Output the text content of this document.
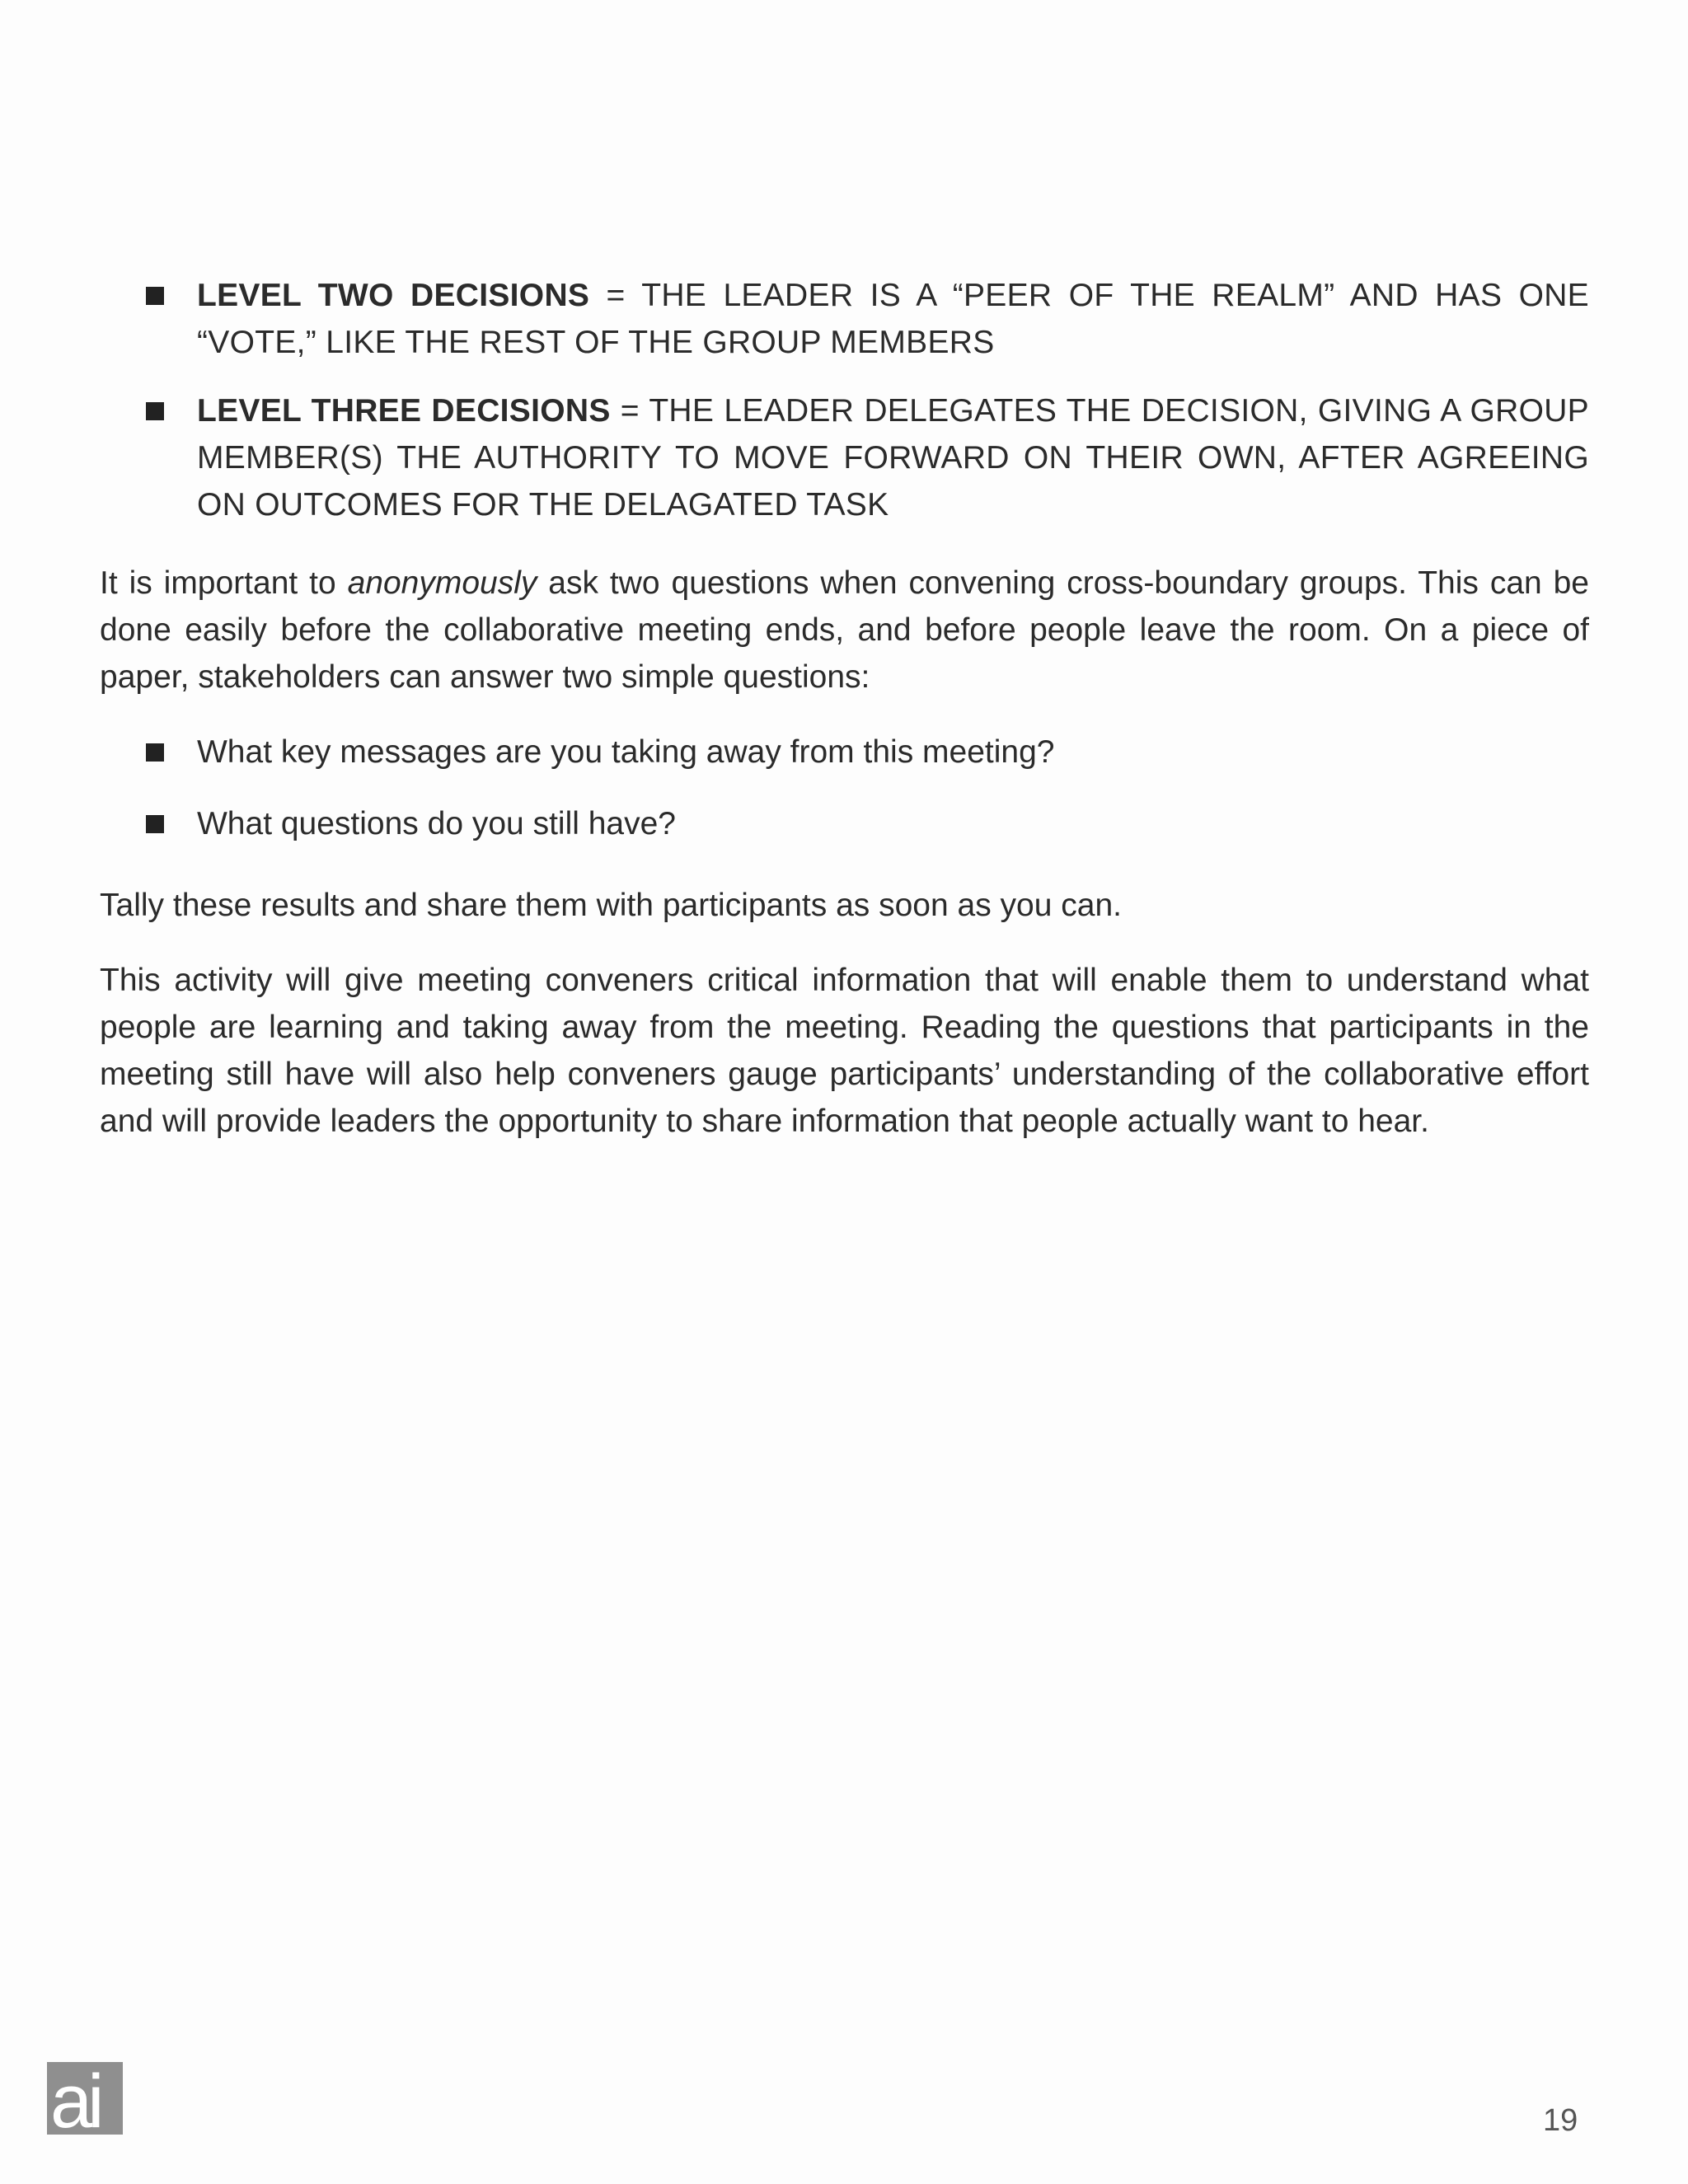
LEVEL TWO DECISIONS = THE LEADER IS A “PEER OF THE REALM” AND HAS ONE “VOTE,” LIKE THE REST OF THE GROUP MEMBERS
LEVEL THREE DECISIONS = THE LEADER DELEGATES THE DECISION, GIVING A GROUP MEMBER(S) THE AUTHORITY TO MOVE FORWARD ON THEIR OWN, AFTER AGREEING ON OUTCOMES FOR THE DELAGATED TASK

It is important to anonymously ask two questions when convening cross-boundary groups. This can be done easily before the collaborative meeting ends, and before people leave the room. On a piece of paper, stakeholders can answer two simple questions:

What key messages are you taking away from this meeting?
What questions do you still have?

Tally these results and share them with participants as soon as you can.

This activity will give meeting conveners critical information that will enable them to understand what people are learning and taking away from the meeting. Reading the questions that participants in the meeting still have will also help conveners gauge participants’ understanding of the collaborative effort and will provide leaders the opportunity to share information that people actually want to hear.

ai	19
